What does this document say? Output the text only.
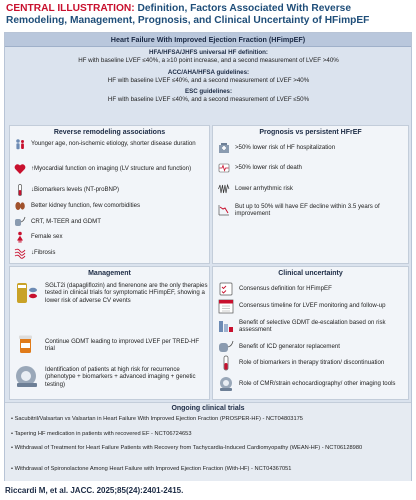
CENTRAL ILLUSTRATION: Definition, Factors Associated With Reverse Remodeling, Management, Prognosis, and Clinical Uncertainty of HFimpEF
Heart Failure With Improved Ejection Fraction (HFimpEF)
HFA/HFSA/JHFS universal HF definition:
HF with baseline LVEF ≤40%, a ≥10 point increase, and a second measurement of LVEF >40%
ACC/AHA/HFSA guidelines:
HF with baseline LVEF ≤40%, and a second measurement of LVEF >40%
ESC guidelines:
HF with baseline LVEF ≤40%, and a second measurement of LVEF ≤50%
Reverse remodeling associations
Younger age, non-ischemic etiology, shorter disease duration
↑Myocardial function on imaging (LV structure and function)
↓Biomarkers levels (NT-proBNP)
Better kidney function, few comorbidities
CRT, M-TEER and GDMT
Female sex
↓Fibrosis
Prognosis vs persistent HFrEF
>50% lower risk of HF hospitalization
>50% lower risk of death
Lower arrhythmic risk
But up to 50% will have EF decline within 3.5 years of improvement
Management
SGLT2i (dapagliflozin) and finerenone are the only therapies tested in clinical trials for symptomatic HFimpEF, showing a lower risk of adverse CV events
Continue GDMT leading to improved LVEF per TRED-HF trial
Identification of patients at high risk for recurrence (phenotype + biomarkers + advanced imaging + genetic testing)
Clinical uncertainty
Consensus definition for HFimpEF
Consensus timeline for LVEF monitoring and follow-up
Benefit of selective GDMT de-escalation based on risk assessment
Benefit of ICD generator replacement
Role of biomarkers in therapy titration/ discontinuation
Role of CMR/strain echocardiography/ other imaging tools
Ongoing clinical trials
• Sacubitril/Valsartan vs Valsartan in Heart Failure With Improved Ejection Fraction (PROSPER-HF) - NCT04803175
• Tapering HF medication in patients with recovered EF - NCT06724653
• Withdrawal of Treatment for Heart Failure Patients with Recovery from Tachycardia-Induced Cardiomyopathy (WEAN-HF) - NCT06128980
• Withdrawal of Spironolactone Among Heart Failure with Improved Ejection Fraction (With-HF) - NCT04367051
Riccardi M, et al. JACC. 2025;85(24):2401-2415.
